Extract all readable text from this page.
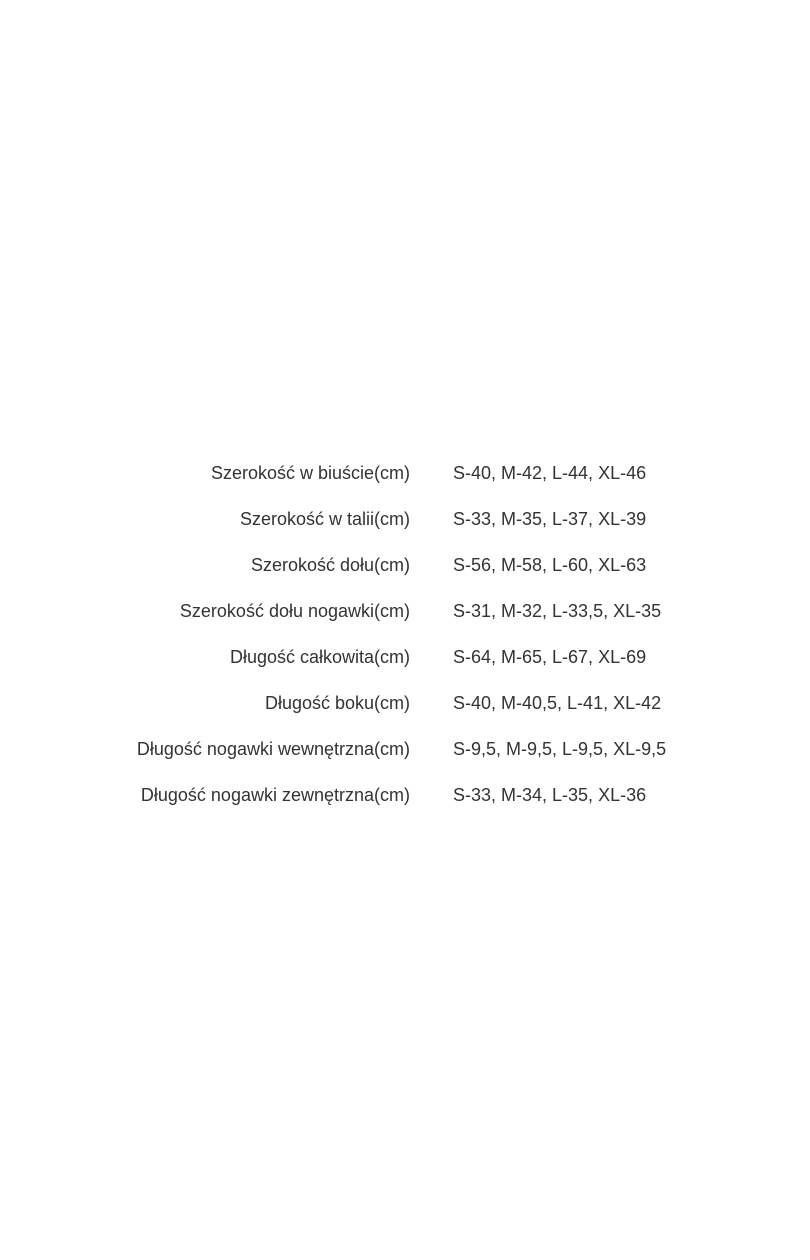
Szerokość w biuście(cm)		S-40, M-42, L-44, XL-46
Szerokość w talii(cm)		S-33, M-35, L-37, XL-39
Szerokość dołu(cm)		S-56, M-58, L-60, XL-63
Szerokość dołu nogawki(cm)		S-31, M-32, L-33,5, XL-35
Długość całkowita(cm)		S-64, M-65, L-67, XL-69
Długość boku(cm)		S-40, M-40,5, L-41, XL-42
Długość nogawki wewnętrzna(cm)		S-9,5, M-9,5, L-9,5, XL-9,5
Długość nogawki zewnętrzna(cm)		S-33, M-34, L-35, XL-36
